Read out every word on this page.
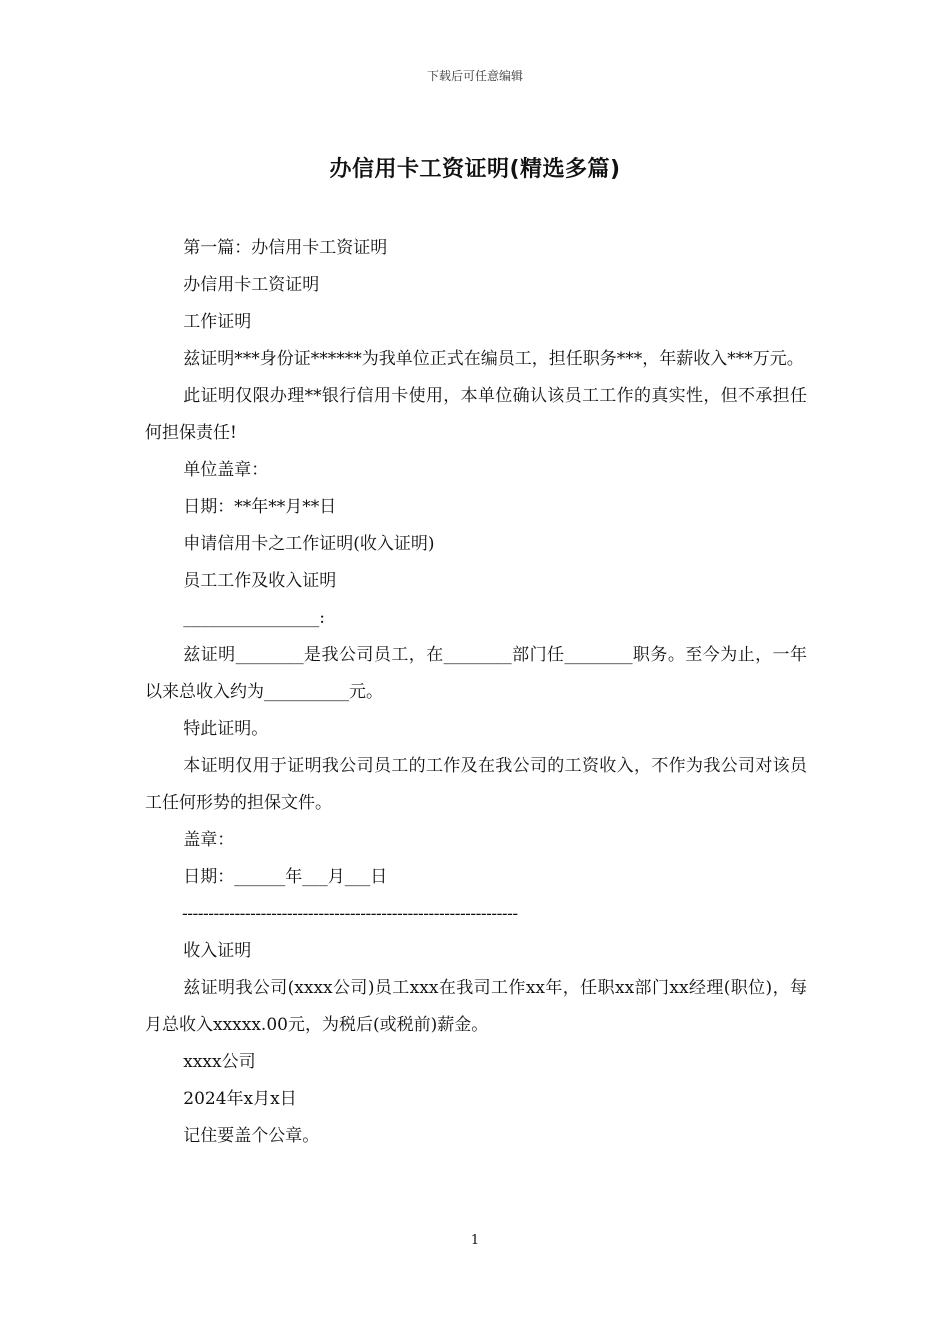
下载后可任意编辑
办信用卡工资证明(精选多篇)

第一篇：办信用卡工资证明

办信用卡工资证明

工作证明

兹证明***身份证******为我单位正式在编员工，担任职务***，年薪收入***万元。

此证明仅限办理**银行信用卡使用，本单位确认该员工工作的真实性，但不承担任何担保责任!

单位盖章：

日期：**年**月**日

申请信用卡之工作证明(收入证明)

员工工作及收入证明

________________:

兹证明________是我公司员工，在________部门任________职务。至今为止，一年以来总收入约为__________元。

特此证明。

本证明仅用于证明我公司员工的工作及在我公司的工资收入，不作为我公司对该员工任何形势的担保文件。

盖章：

日期：______年___月___日

----------------------------------------------------------------

收入证明

兹证明我公司(xxxx公司)员工xxx在我司工作xx年，任职xx部门xx经理(职位)，每月总收入xxxxx.00元，为税后(或税前)薪金。

xxxx公司

2024年x月x日

记住要盖个公章。

1
